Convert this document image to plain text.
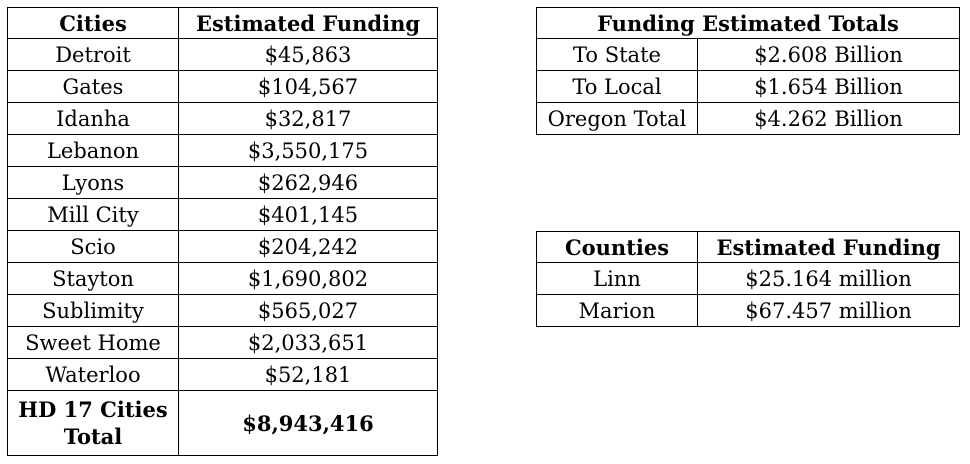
Cities	Estimated Funding
Detroit	$45,863
Gates	$104,567
Idanha	$32,817
Lebanon	$3,550,175
Lyons	$262,946
Mill City	$401,145
Scio	$204,242
Stayton	$1,690,802
Sublimity	$565,027
Sweet Home	$2,033,651
Waterloo	$52,181
HD 17 Cities Total	$8,943,416
Funding Estimated Totals	
To State	$2.608 Billion
To Local	$1.654 Billion
Oregon Total	$4.262 Billion
Counties	Estimated Funding
Linn	$25.164 million
Marion	$67.457 million
